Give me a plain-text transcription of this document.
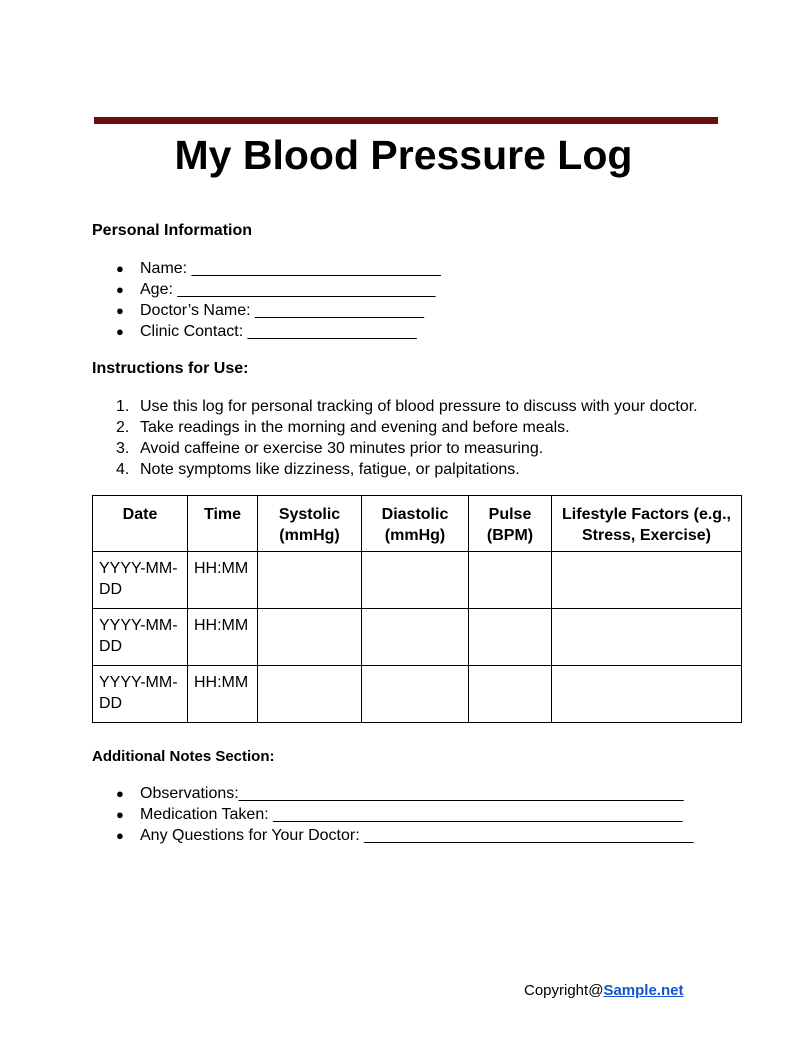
My Blood Pressure Log
Personal Information
● Name: ____________________________
● Age: _____________________________
● Doctor’s Name: ___________________
● Clinic Contact: ___________________
Instructions for Use:
1. Use this log for personal tracking of blood pressure to discuss with your doctor.
2. Take readings in the morning and evening and before meals.
3. Avoid caffeine or exercise 30 minutes prior to measuring.
4. Note symptoms like dizziness, fatigue, or palpitations.
Date	Time	Systolic (mmHg)	Diastolic (mmHg)	Pulse (BPM)	Lifestyle Factors (e.g., Stress, Exercise)
YYYY-MM-DD	HH:MM				
YYYY-MM-DD	HH:MM				
YYYY-MM-DD	HH:MM				
Additional Notes Section:
● Observations:__________________________________________________
● Medication Taken: ______________________________________________
● Any Questions for Your Doctor: _____________________________________
Copyright@Sample.net
